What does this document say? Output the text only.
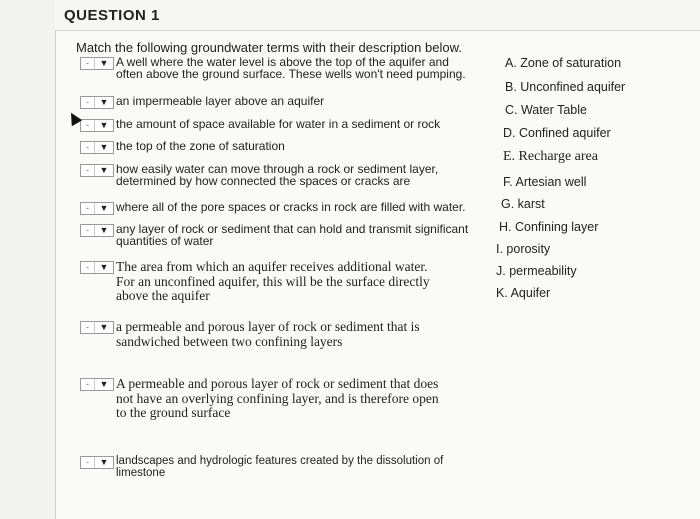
QUESTION 1
Match the following groundwater terms with their description below.
-	▼ A well where the water level is above the top of the aquifer and
often above the ground surface. These wells won't need pumping.
-	▼ an impermeable layer above an aquifer
-	▼ the amount of space available for water in a sediment or rock
-	▼ the top of the zone of saturation
-	▼ how easily water can move through a rock or sediment layer,
determined by how connected the spaces or cracks are
-	▼ where all of the pore spaces or cracks in rock are filled with water.
-	▼ any layer of rock or sediment that can hold and transmit significant
quantities of water
-	▼ The area from which an aquifer receives additional water.
For an unconfined aquifer, this will be the surface directly
above the aquifer
-	▼ a permeable and porous layer of rock or sediment that is
sandwiched between two confining layers
-	▼ A permeable and porous layer of rock or sediment that does
not have an overlying confining layer, and is therefore open
to the ground surface
-	▼ landscapes and hydrologic features created by the dissolution of
limestone
A. Zone of saturation
B. Unconfined aquifer
C. Water Table
D. Confined aquifer
E. Recharge area
F. Artesian well
G. karst
H. Confining layer
I. porosity
J. permeability
K. Aquifer
